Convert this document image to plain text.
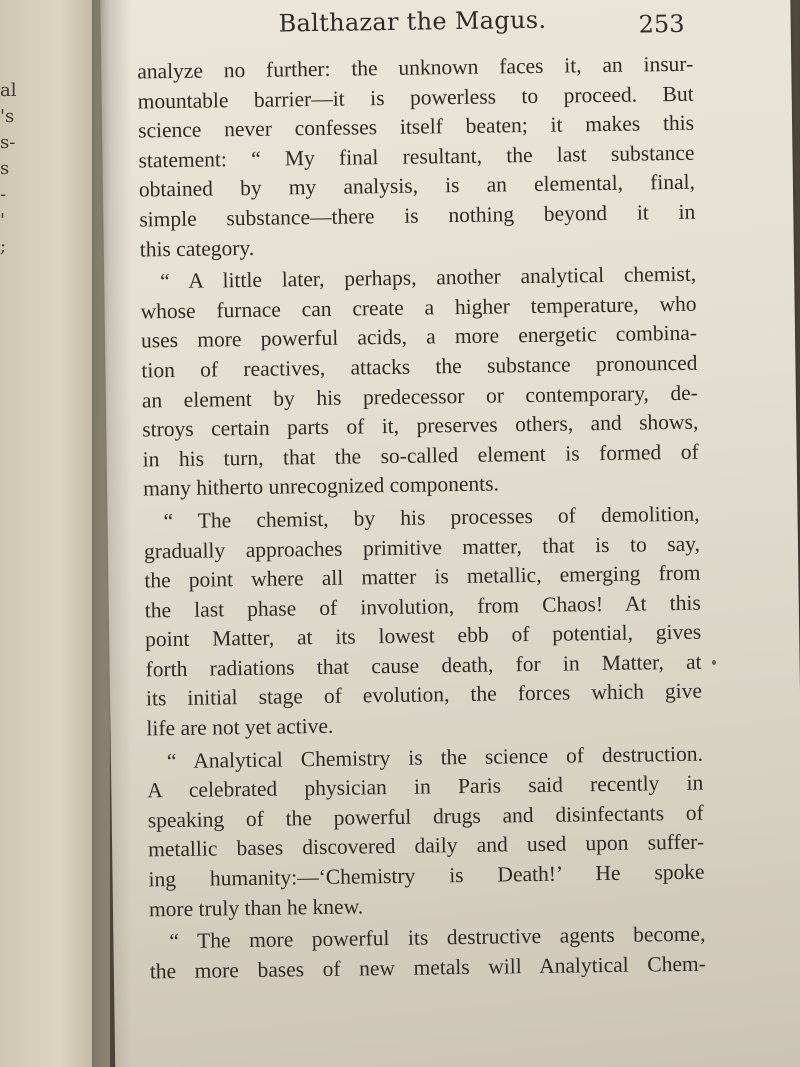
al
's
s-
s
-
'
;
Balthazar the Magus.	253
analyze no further: the unknown faces it, an insur-
mountable barrier—it is powerless to proceed. But
science never confesses itself beaten; it makes this
statement: “ My final resultant, the last substance
obtained by my analysis, is an elemental, final,
simple substance—there is nothing beyond it in
this category.
“ A little later, perhaps, another analytical chemist,
whose furnace can create a higher temperature, who
uses more powerful acids, a more energetic combina-
tion of reactives, attacks the substance pronounced
an element by his predecessor or contemporary, de-
stroys certain parts of it, preserves others, and shows,
in his turn, that the so-called element is formed of
many hitherto unrecognized components.
“ The chemist, by his processes of demolition,
gradually approaches primitive matter, that is to say,
the point where all matter is metallic, emerging from
the last phase of involution, from Chaos! At this
point Matter, at its lowest ebb of potential, gives
forth radiations that cause death, for in Matter, at
its initial stage of evolution, the forces which give
life are not yet active.
“ Analytical Chemistry is the science of destruction.
A celebrated physician in Paris said recently in
speaking of the powerful drugs and disinfectants of
metallic bases discovered daily and used upon suffer-
ing humanity:—‘Chemistry is Death!’ He spoke
more truly than he knew.
“ The more powerful its destructive agents become,
the more bases of new metals will Analytical Chem-
